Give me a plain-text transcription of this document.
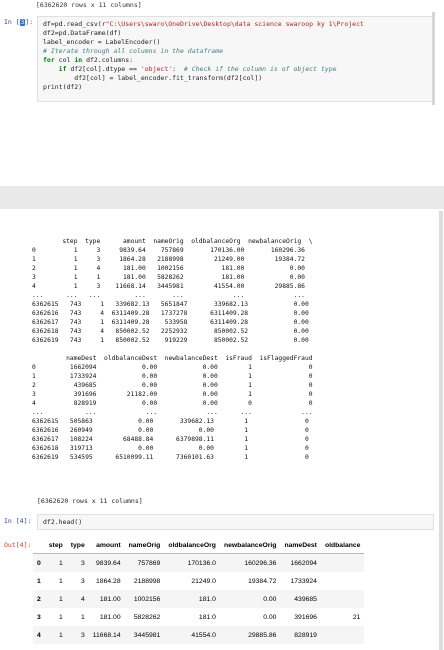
[6362620 rows x 11 columns]
In [3]: df=pd.read_csv(r"C:\Users\swaro\OneDrive\Desktop\data science swaroop ky 1\Project
df2=pd.DataFrame(df)
label_encoder = LabelEncoder()
# Iterate through all columns in the dataframe
for col in df2.columns:
if df2[col].dtype == 'object':  # Check if the column is of object type
df2[col] = label_encoder.fit_transform(df2[col])
print(df2)
step  type      amount  nameOrig  oldbalanceOrg  newbalanceOrig  \
0          1     3     9839.64    757869       170136.00       160296.36
1          1     3     1864.28   2188998        21249.00        19384.72
2          1     4      181.00   1002156          181.00            0.00
3          1     1      181.00   5828262          181.00            0.00
4          1     3    11668.14   3445981        41554.00        29885.86
...      ...   ...         ...       ...             ...             ...
6362615   743     1   339682.13   5651847       339682.13            0.00
6362616   743     4  6311409.28   1737278      6311409.28            0.00
6362617   743     1  6311409.28    533958      6311409.28            0.00
6362618   743     4   850002.52   2252932       850002.52            0.00
6362619   743     1   850002.52    919229       850002.52            0.00

nameDest  oldbalanceDest  newbalanceDest  isFraud  isFlaggedFraud
0         1662094            0.00            0.00        1               0
1         1733924            0.00            0.00        1               0
2          439685            0.00            0.00        1               0
3          391696        21182.00            0.00        1               0
4          828919            0.00            0.00        0               0
...           ...             ...             ...      ...             ...
6362615   505863            0.00       339682.13        1               0
6362616   260949            0.00            0.00        1               0
6362617   108224        68488.84      6379898.11        1               0
6362618   319713            0.00            0.00        1               0
6362619   534595      6510099.11      7360101.63        1               0
[6362620 rows x 11 columns]
In [4]: df2.head()
Out[4]:
		step	type	amount	nameOrig	oldbalanceOrg	newbalanceOrig	nameDest	oldbalance
0	1	3	9839.64	757869	170136.0	160296.36	1662094	
1	1	3	1864.28	2188998	21249.0	19384.72	1733924	
2	1	4	181.00	1002156	181.0	0.00	439685	
3	1	1	181.00	5828262	181.0	0.00	391696	21
4	1	3	11668.14	3445981	41554.0	29885.86	828919	
